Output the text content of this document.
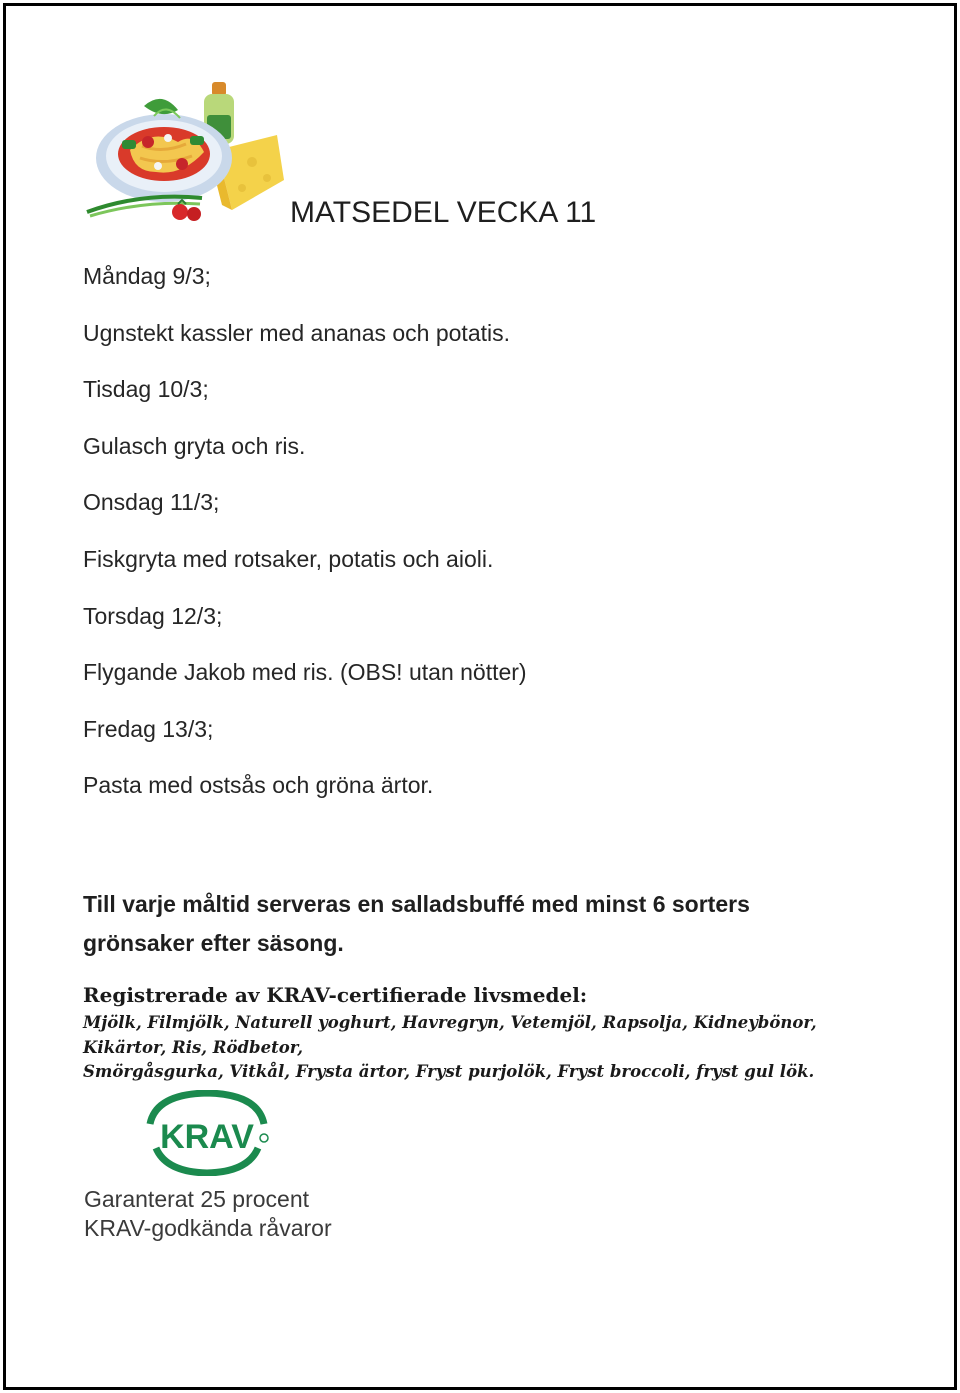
MATSEDEL VECKA 11
Måndag 9/3;
Ugnstekt kassler med ananas och potatis.
Tisdag 10/3;
Gulasch gryta och ris.
Onsdag 11/3;
Fiskgryta med rotsaker, potatis och aioli.
Torsdag 12/3;
Flygande Jakob med ris. (OBS! utan nötter)
Fredag 13/3;
Pasta med ostsås och gröna ärtor.
Till varje måltid serveras en salladsbuffé med minst 6 sorters grönsaker efter säsong.
Registrerade av KRAV-certifierade livsmedel:
Mjölk, Filmjölk, Naturell yoghurt, Havregryn, Vetemjöl, Rapsolja, Kidneybönor,
Kikärtor, Ris, Rödbetor,
Smörgåsgurka, Vitkål, Frysta ärtor, Fryst purjolök, Fryst broccoli, fryst gul lök.
KRAV
Garanterat 25 procent
KRAV-godkända råvaror
